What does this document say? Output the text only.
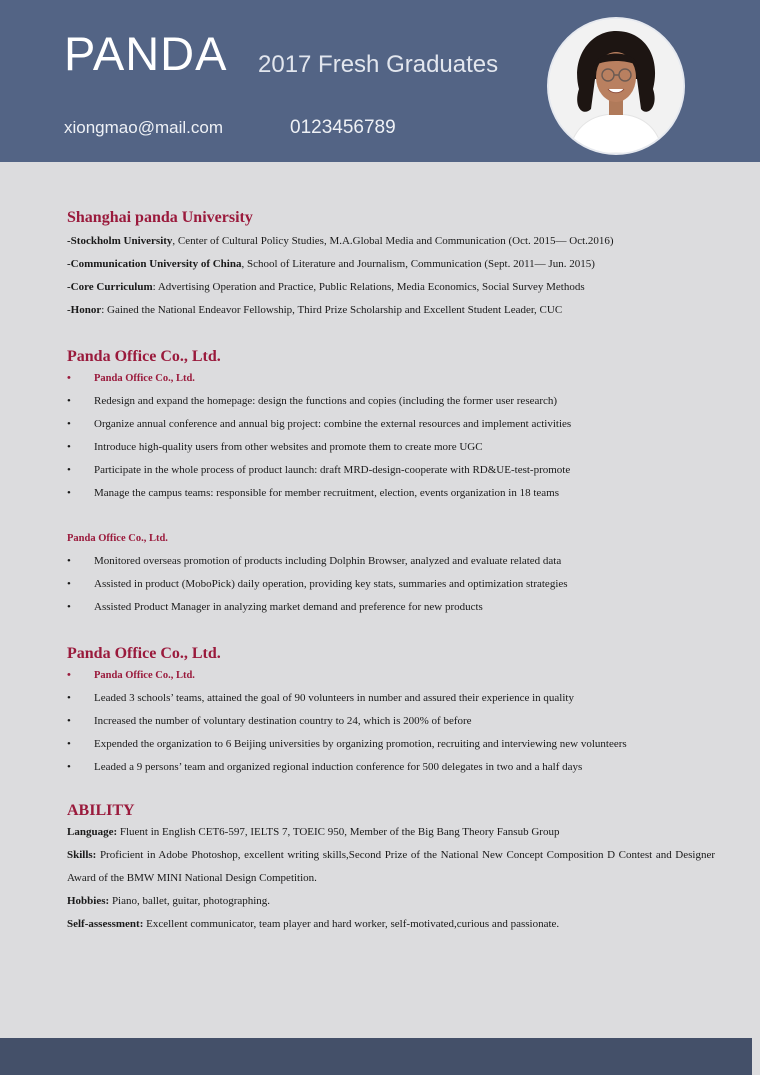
PANDA 2017 Fresh Graduates
xiongmao@mail.com	0123456789
Shanghai panda University

-Stockholm University, Center of Cultural Policy Studies, M.A.Global Media and Communication (Oct. 2015— Oct.2016)

-Communication University of China, School of Literature and Journalism, Communication (Sept. 2011— Jun. 2015)

-Core Curriculum: Advertising Operation and Practice, Public Relations, Media Economics, Social Survey Methods

-Honor: Gained the National Endeavor Fellowship, Third Prize Scholarship and Excellent Student Leader, CUC

Panda Office Co., Ltd.
•	Panda Office Co., Ltd.
•	Redesign and expand the homepage: design the functions and copies (including the former user research)
•	Organize annual conference and annual big project: combine the external resources and implement activities
•	Introduce high-quality users from other websites and promote them to create more UGC
•	Participate in the whole process of product launch: draft MRD-design-cooperate with RD&UE-test-promote
•	Manage the campus teams: responsible for member recruitment, election, events organization in 18 teams

Panda Office Co., Ltd.

•	Monitored overseas promotion of products including Dolphin Browser, analyzed and evaluate related data
•	Assisted in product (MoboPick) daily operation, providing key stats, summaries and optimization strategies
•	Assisted Product Manager in analyzing market demand and preference for new products
Panda Office Co., Ltd.
•	Panda Office Co., Ltd.
•	Leaded 3 schools’ teams, attained the goal of 90 volunteers in number and assured their experience in quality
•	Increased the number of voluntary destination country to 24, which is 200% of before
•	Expended the organization to 6 Beijing universities by organizing promotion, recruiting and interviewing new volunteers
•	Leaded a 9 persons’ team and organized regional induction conference for 500 delegates in two and a half days
ABILITY

Language: Fluent in English CET6-597, IELTS 7, TOEIC 950, Member of the Big Bang Theory Fansub Group

Skills: Proficient in Adobe Photoshop, excellent writing skills,Second Prize of the National New Concept Composition D Contest and Designer Award of the BMW MINI National Design Competition.

Hobbies: Piano, ballet, guitar, photographing.

Self-assessment: Excellent communicator, team player and hard worker, self-motivated,curious and passionate.
